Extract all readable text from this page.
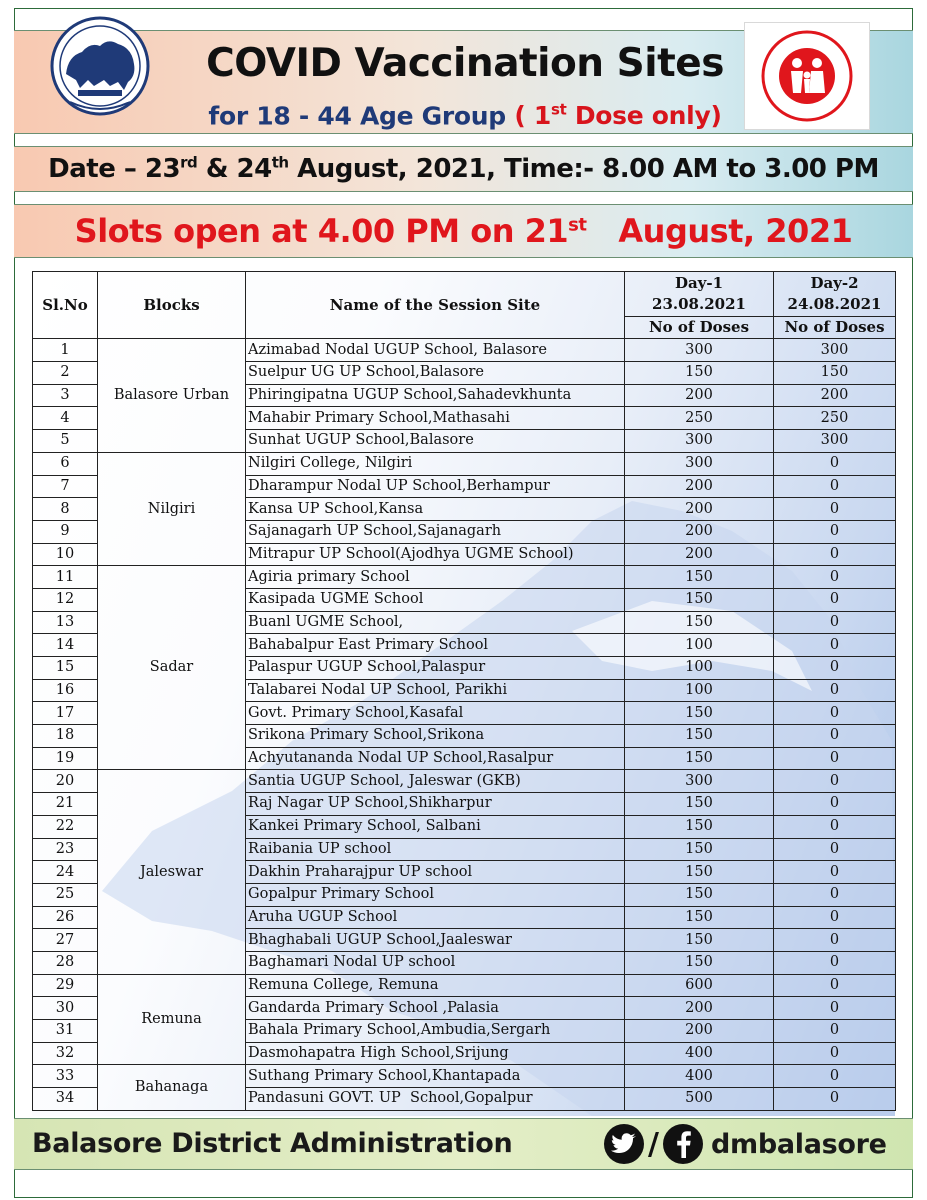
COVID Vaccination Sites
for 18 - 44 Age Group ( 1st Dose only)
Date – 23rd & 24th August, 2021, Time:- 8.00 AM to 3.00 PM
Slots open at 4.00 PM on 21st   August, 2021
Sl.No	Blocks	Name of the Session Site	Day-1	Day-2
			23.08.2021	24.08.2021
			No of Doses	No of Doses
1	Balasore Urban	Azimabad Nodal UGUP School, Balasore	300	300
2		Suelpur UG UP School,Balasore	150	150
3		Phiringipatna UGUP School,Sahadevkhunta	200	200
4		Mahabir Primary School,Mathasahi	250	250
5		Sunhat UGUP School,Balasore	300	300
6	Nilgiri	Nilgiri College, Nilgiri	300	0
7		Dharampur Nodal UP School,Berhampur	200	0
8		Kansa UP School,Kansa	200	0
9		Sajanagarh UP School,Sajanagarh	200	0
10		Mitrapur UP School(Ajodhya UGME School)	200	0
11	Sadar	Agiria primary School	150	0
12		Kasipada UGME School	150	0
13		Buanl UGME School,	150	0
14		Bahabalpur East Primary School	100	0
15		Palaspur UGUP School,Palaspur	100	0
16		Talabarei Nodal UP School, Parikhi	100	0
17		Govt. Primary School,Kasafal	150	0
18		Srikona Primary School,Srikona	150	0
19		Achyutananda Nodal UP School,Rasalpur	150	0
20	Jaleswar	Santia UGUP School, Jaleswar (GKB)	300	0
21		Raj Nagar UP School,Shikharpur	150	0
22		Kankei Primary School, Salbani	150	0
23		Raibania UP school	150	0
24		Dakhin Praharajpur UP school	150	0
25		Gopalpur Primary School	150	0
26		Aruha UGUP School	150	0
27		Bhaghabali UGUP School,Jaaleswar	150	0
28		Baghamari Nodal UP school	150	0
29	Remuna	Remuna College, Remuna	600	0
30		Gandarda Primary School ,Palasia	200	0
31		Bahala Primary School,Ambudia,Sergarh	200	0
32		Dasmohapatra High School,Srijung	400	0
33	Bahanaga	Suthang Primary School,Khantapada	400	0
34		Pandasuni GOVT. UP  School,Gopalpur	500	0
Balasore District Administration	/ dmbalasore
